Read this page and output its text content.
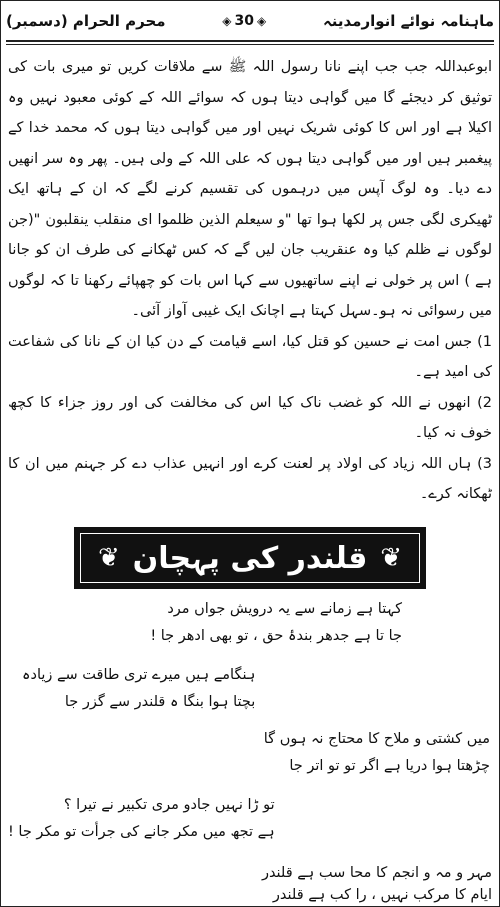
ماہنامہ نوائے انوارمدینہ
◈ 30 ◈
محرم الحرام (دسمبر)

ابوعبداللہ جب جب اپنے نانا رسول اللہ ﷺ سے ملاقات کریں تو میری بات کی توثیق کر دیجئے گا میں گواہی دیتا ہوں کہ سوائے اللہ کے کوئی معبود نہیں وہ اکیلا ہے اور اس کا کوئی شریک نہیں اور میں گواہی دیتا ہوں کہ محمد خدا کے پیغمبر ہیں اور میں گواہی دیتا ہوں کہ علی اللہ کے ولی ہیں۔ پھر وہ سر انھیں دے دیا۔ وہ لوگ آپس میں درہموں کی تقسیم کرنے لگے کہ ان کے ہاتھ ایک ٹھیکری لگی جس پر لکھا ہوا تھا "و سیعلم الذین ظلموا ای منقلب ینقلبون "(جن لوگوں نے ظلم کیا وہ عنقریب جان لیں گے کہ کس ٹھکانے کی طرف ان کو جانا ہے ) اس پر خولی نے اپنے ساتھیوں سے کہا اس بات کو چھپائے رکھنا تا کہ لوگوں میں رسوائی نہ ہو۔سہل کہتا ہے اچانک ایک غیبی آواز آئی۔

1) جس امت نے حسین کو قتل کیا، اسے قیامت کے دن کیا ان کے نانا کی شفاعت کی امید ہے۔

2) انھوں نے اللہ کو غضب ناک کیا اس کی مخالفت کی اور روز جزاء کا کچھ خوف نہ کیا۔

3) ہاں اللہ زیاد کی اولاد پر لعنت کرے اور انہیں عذاب دے کر جہنم میں ان کا ٹھکانہ کرے۔

❦ قلندر کی پہچان ❦
کہتا ہے زمانے سے یہ درویش جواں مرد
جا تا ہے جدھر بندۂ حق ، تو بھی ادھر جا !
ہنگامے ہیں میرے تری طاقت سے زیادہ
بچتا ہوا بنگا ہ قلندر سے گزر جا
میں کشتی و ملاح کا محتاج نہ ہوں گا
چڑھتا ہوا دریا ہے اگر تو تو اتر جا
تو ڑا نہیں جادو مری تکبیر نے تیرا ؟
ہے تجھ میں مکر جانے کی جرأت تو مکر جا !
مہر و مہ و انجم کا محا سب ہے قلندر
ایام کا مرکب نہیں ، را کب ہے قلندر
